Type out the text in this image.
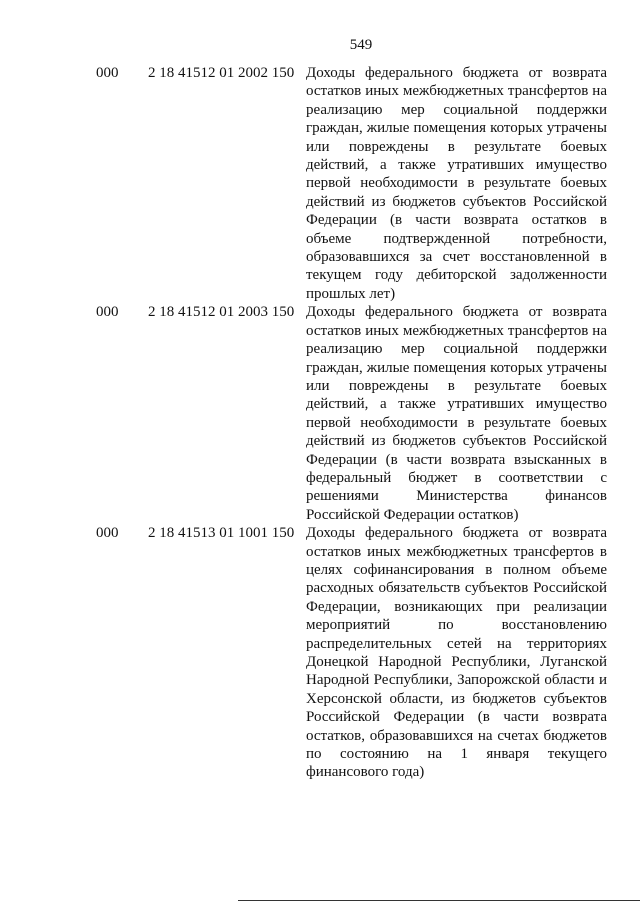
549
000 2 18 41512 01 2002 150 Доходы федерального бюджета от возврата остатков иных межбюджетных трансфертов на реализацию мер социальной поддержки граждан, жилые помещения которых утрачены или повреждены в результате боевых действий, а также утративших имущество первой необходимости в результате боевых действий из бюджетов субъектов Российской Федерации (в части возврата остатков в объеме подтвержденной потребности, образовавшихся за счет восстановленной в текущем году дебиторской задолженности прошлых лет)
000 2 18 41512 01 2003 150 Доходы федерального бюджета от возврата остатков иных межбюджетных трансфертов на реализацию мер социальной поддержки граждан, жилые помещения которых утрачены или повреждены в результате боевых действий, а также утративших имущество первой необходимости в результате боевых действий из бюджетов субъектов Российской Федерации (в части возврата взысканных в федеральный бюджет в соответствии с решениями Министерства финансов Российской Федерации остатков)
000 2 18 41513 01 1001 150 Доходы федерального бюджета от возврата остатков иных межбюджетных трансфертов в целях софинансирования в полном объеме расходных обязательств субъектов Российской Федерации, возникающих при реализации мероприятий по восстановлению распределительных сетей на территориях Донецкой Народной Республики, Луганской Народной Республики, Запорожской области и Херсонской области, из бюджетов субъектов Российской Федерации (в части возврата остатков, образовавшихся на счетах бюджетов по состоянию на 1 января текущего финансового года)
